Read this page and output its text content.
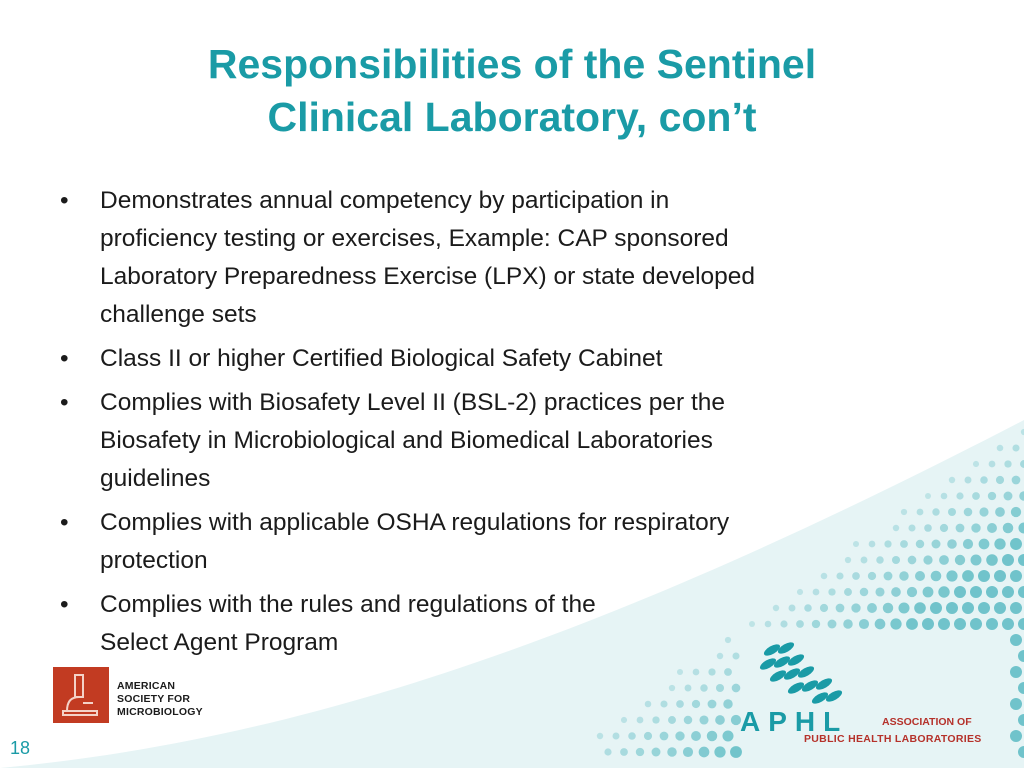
Responsibilities of the Sentinel
Clinical Laboratory, con’t
•	Demonstrates annual competency by participation in
proficiency testing or exercises, Example: CAP sponsored
Laboratory Preparedness Exercise (LPX) or state developed
challenge sets
•	Class II or higher Certified Biological Safety Cabinet
•	Complies with Biosafety Level II (BSL-2) practices per the
Biosafety in Microbiological and Biomedical Laboratories
guidelines
•	Complies with applicable OSHA regulations for respiratory
protection
•	Complies with the rules and regulations of the
Select Agent Program
AMERICAN
SOCIETY FOR
MICROBIOLOGY	APHL	ASSOCIATION OF
PUBLIC HEALTH LABORATORIES
18
